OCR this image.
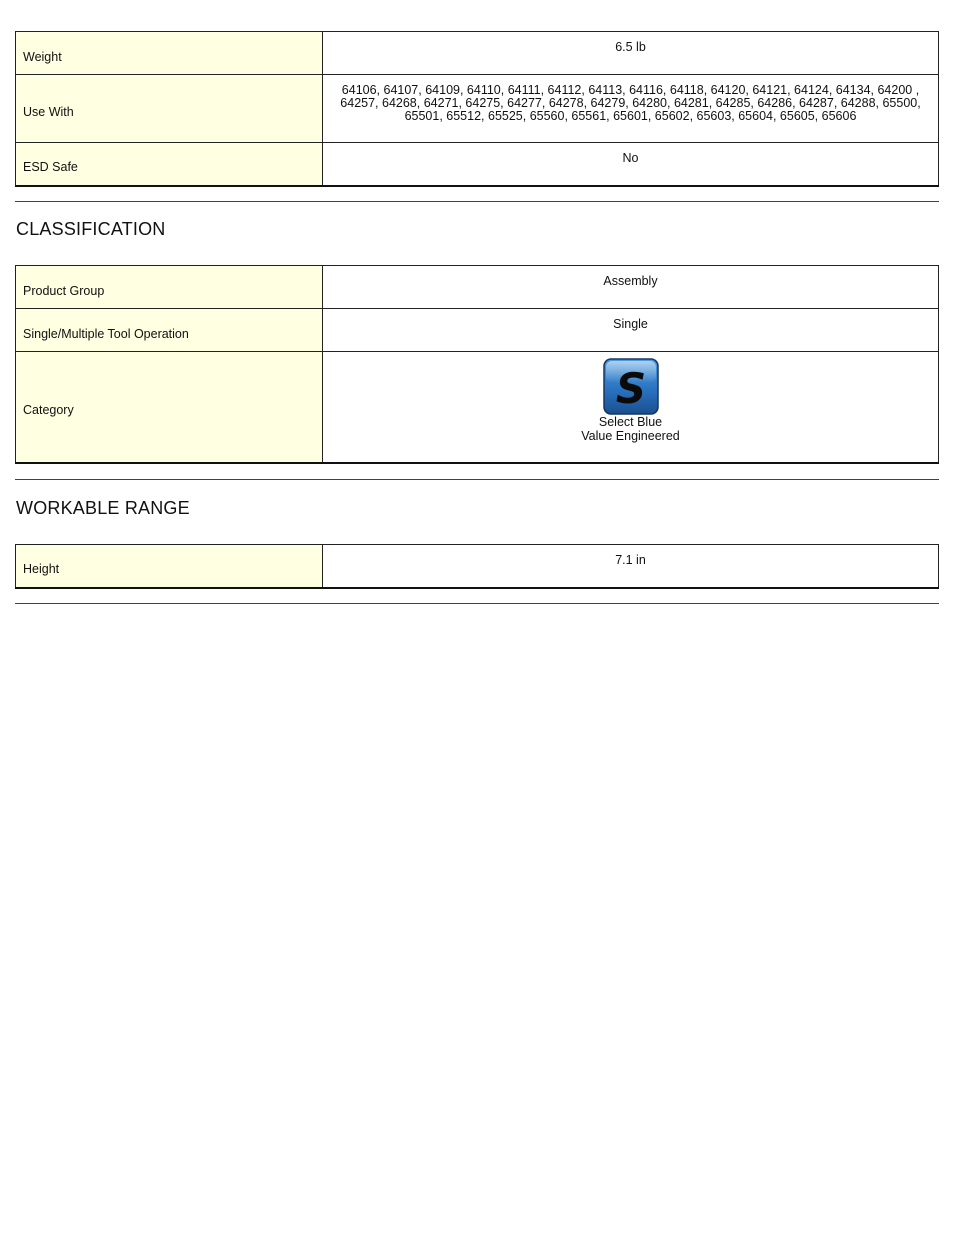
Weight	6.5 lb
Use With	64106, 64107, 64109, 64110, 64111, 64112, 64113, 64116, 64118, 64120, 64121, 64124, 64134, 64200 ,
64257, 64268, 64271, 64275, 64277, 64278, 64279, 64280, 64281, 64285, 64286, 64287, 64288, 65500,
65501, 65512, 65525, 65560, 65561, 65601, 65602, 65603, 65604, 65605, 65606

ESD Safe	No
CLASSIFICATION
Product Group	Assembly
Single/Multiple Tool Operation	Single
Category	S
Select Blue
Value Engineered
WORKABLE RANGE
Height	7.1 in
